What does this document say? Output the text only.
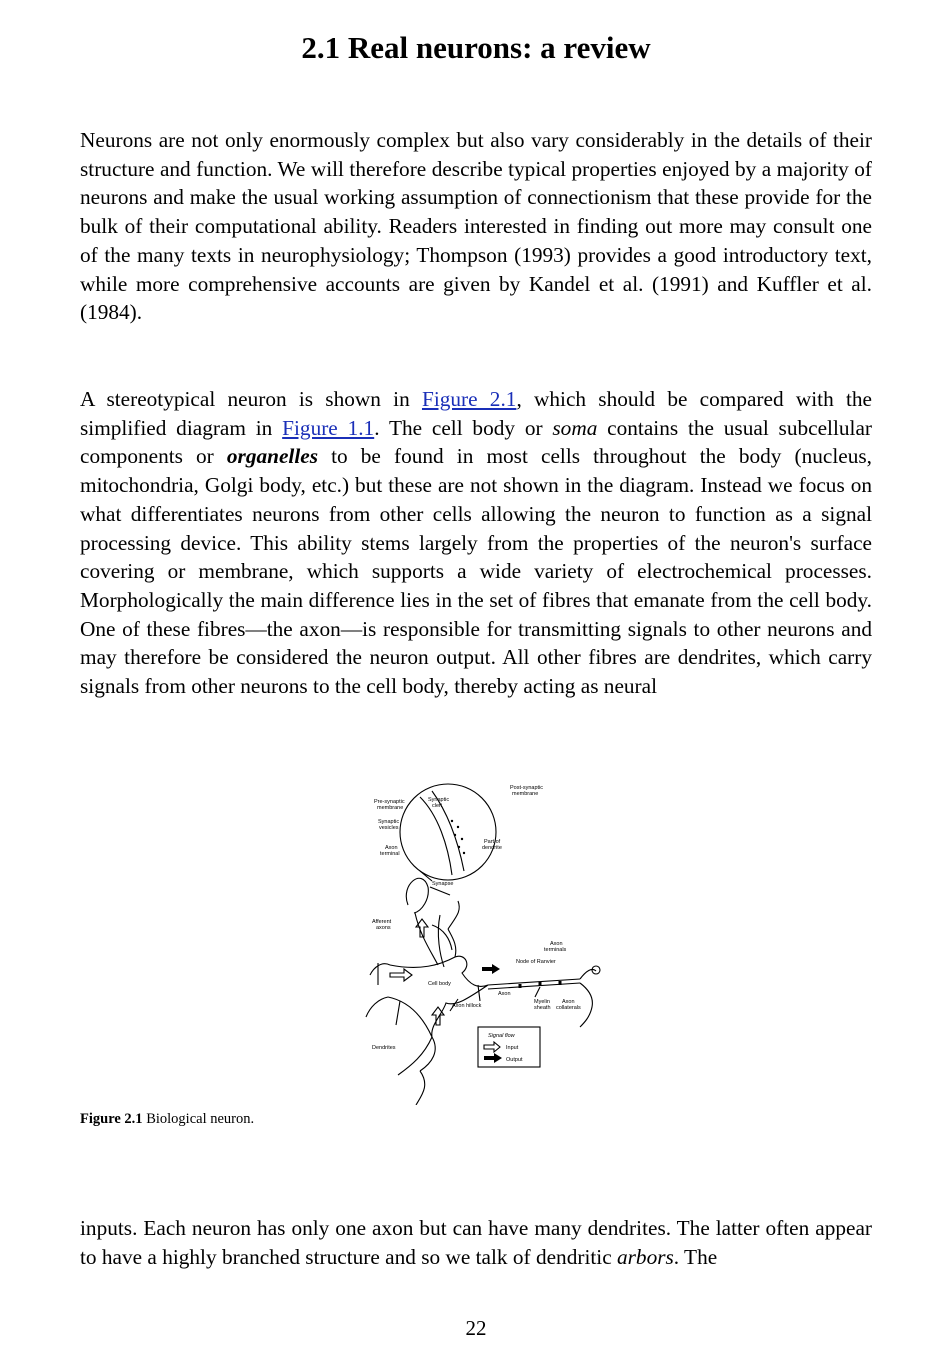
2.1 Real neurons: a review

Neurons are not only enormously complex but also vary considerably in the details of their structure and function. We will therefore describe typical properties enjoyed by a majority of neurons and make the usual working assumption of connectionism that these provide for the bulk of their computational ability. Readers interested in finding out more may consult one of the many texts in neurophysiology; Thompson (1993) provides a good introductory text, while more comprehensive accounts are given by Kandel et al. (1991) and Kuffler et al. (1984).

A stereotypical neuron is shown in Figure 2.1, which should be compared with the simplified diagram in Figure 1.1. The cell body or soma contains the usual subcellular components or organelles to be found in most cells throughout the body (nucleus, mitochondria, Golgi body, etc.) but these are not shown in the diagram. Instead we focus on what differentiates neurons from other cells allowing the neuron to function as a signal processing device. This ability stems largely from the properties of the neuron's surface covering or membrane, which supports a wide variety of electrochemical processes. Morphologically the main difference lies in the set of fibres that emanate from the cell body. One of these fibres—the axon—is responsible for transmitting signals to other neurons and may therefore be considered the neuron output. All other fibres are dendrites, which carry signals from other neurons to the cell body, thereby acting as neural

Post-synaptic
membrane
Pre-synaptic
membrane
Synaptic
cleft
Synaptic
vesicles
Axon
terminal
Part of
dendrite
Synapse
Afferent
axons
Axon
terminals
Node of Ranvier
Cell body
Axon
Myelin
sheath
Axon hillock
Axon
collaterals
Signal flow
Input
Output
Dendrites

Figure 2.1 Biological neuron.

inputs. Each neuron has only one axon but can have many dendrites. The latter often appear to have a highly branched structure and so we talk of dendritic arbors. The

22
